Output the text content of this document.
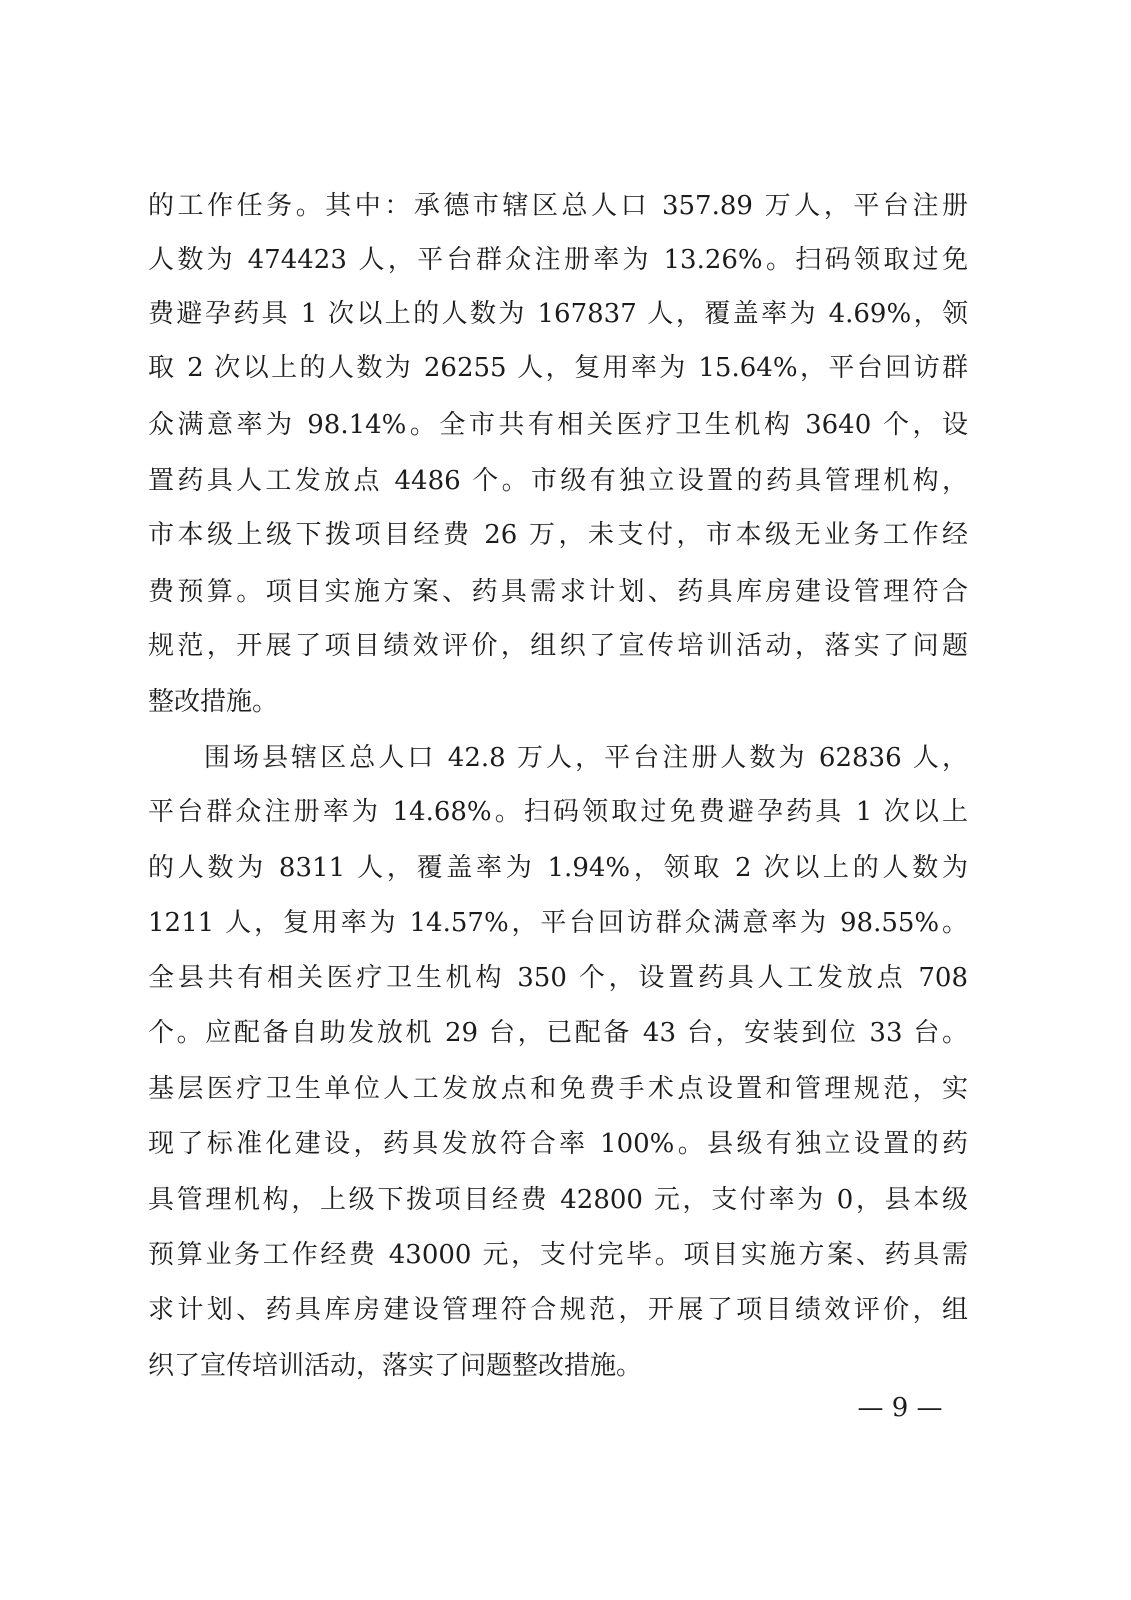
的工作任务。其中：承德市辖区总人口 357.89 万人，平台注册
人数为 474423 人，平台群众注册率为 13.26%。扫码领取过免
费避孕药具 1 次以上的人数为 167837 人，覆盖率为 4.69%，领
取 2 次以上的人数为 26255 人，复用率为 15.64%，平台回访群
众满意率为 98.14%。全市共有相关医疗卫生机构 3640 个，设
置药具人工发放点 4486 个。市级有独立设置的药具管理机构，
市本级上级下拨项目经费 26 万，未支付，市本级无业务工作经
费预算。项目实施方案、药具需求计划、药具库房建设管理符合
规范，开展了项目绩效评价，组织了宣传培训活动，落实了问题
整改措施。
围场县辖区总人口 42.8 万人，平台注册人数为 62836 人，
平台群众注册率为 14.68%。扫码领取过免费避孕药具 1 次以上
的人数为 8311 人，覆盖率为 1.94%，领取 2 次以上的人数为
1211 人，复用率为 14.57%，平台回访群众满意率为 98.55%。
全县共有相关医疗卫生机构 350 个，设置药具人工发放点 708
个。应配备自助发放机 29 台，已配备 43 台，安装到位 33 台。
基层医疗卫生单位人工发放点和免费手术点设置和管理规范，实
现了标准化建设，药具发放符合率 100%。县级有独立设置的药
具管理机构，上级下拨项目经费 42800 元，支付率为 0，县本级
预算业务工作经费 43000 元，支付完毕。项目实施方案、药具需
求计划、药具库房建设管理符合规范，开展了项目绩效评价，组
织了宣传培训活动，落实了问题整改措施。
— 9 —
